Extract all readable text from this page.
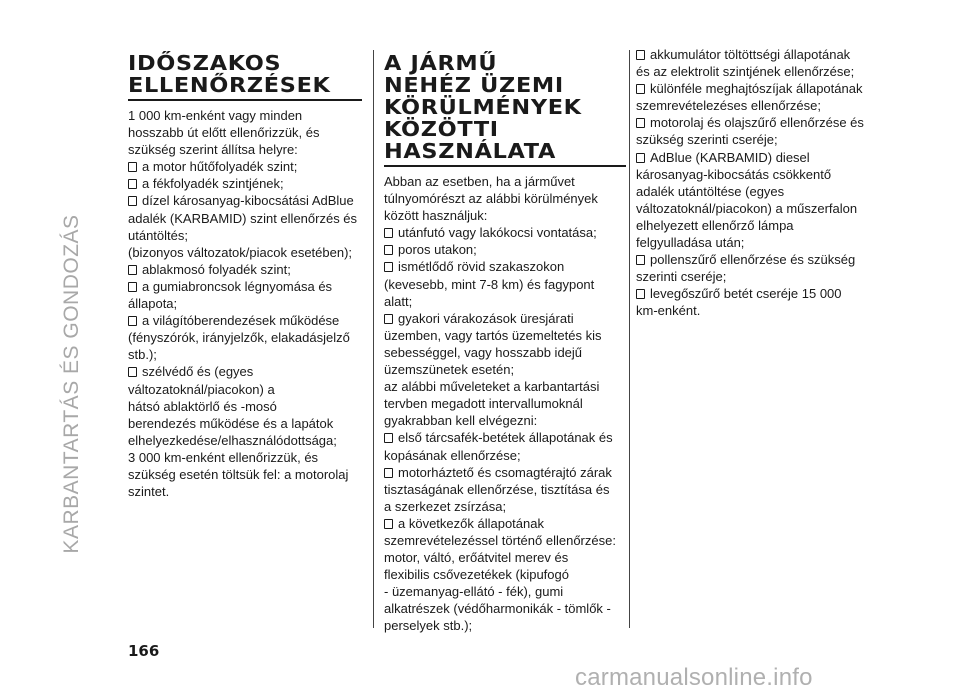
KARBANTARTÁS ÉS GONDOZÁS
IDŐSZAKOS
ELLENŐRZÉSEK
1 000 km-enként vagy minden
hosszabb út előtt ellenőrizzük, és
szükség szerint állítsa helyre:
a motor hűtőfolyadék szint;
a fékfolyadék szintjének;
dízel károsanyag-kibocsátási AdBlue
adalék (KARBAMID) szint ellenőrzés és
utántöltés;
(bizonyos változatok/piacok esetében);
ablakmosó folyadék szint;
a gumiabroncsok légnyomása és
állapota;
a világítóberendezések működése
(fényszórók, irányjelzők, elakadásjelző
stb.);
szélvédő és (egyes
változatoknál/piacokon) a
hátsó ablaktörlő és -mosó
berendezés működése és a lapátok
elhelyezkedése/elhasználódottsága;
3 000 km-enként ellenőrizzük, és
szükség esetén töltsük fel: a motorolaj
szintet.
A JÁRMŰ
NEHÉZ ÜZEMI
KÖRÜLMÉNYEK
KÖZÖTTI
HASZNÁLATA
Abban az esetben, ha a járművet
túlnyomórészt az alábbi körülmények
között használjuk:
utánfutó vagy lakókocsi vontatása;
poros utakon;
ismétlődő rövid szakaszokon
(kevesebb, mint 7-8 km) és fagypont
alatt;
gyakori várakozások üresjárati
üzemben, vagy tartós üzemeltetés kis
sebességgel, vagy hosszabb idejű
üzemszünetek esetén;
az alábbi műveleteket a karbantartási
tervben megadott intervallumoknál
gyakrabban kell elvégezni:
első tárcsafék-betétek állapotának és
kopásának ellenőrzése;
motorháztető és csomagtérajtó zárak
tisztaságának ellenőrzése, tisztítása és
a szerkezet zsírzása;
a következők állapotának
szemrevételezéssel történő ellenőrzése:
motor, váltó, erőátvitel merev és
flexibilis csővezetékek (kipufogó
- üzemanyag-ellátó - fék), gumi
alkatrészek (védőharmonikák - tömlők -
perselyek stb.);
akkumulátor töltöttségi állapotának
és az elektrolit szintjének ellenőrzése;
különféle meghajtószíjak állapotának
szemrevételezéses ellenőrzése;
motorolaj és olajszűrő ellenőrzése és
szükség szerinti cseréje;
AdBlue (KARBAMID) diesel
károsanyag-kibocsátás csökkentő
adalék utántöltése (egyes
változatoknál/piacokon) a műszerfalon
elhelyezett ellenőrző lámpa
felgyulladása után;
pollenszűrő ellenőrzése és szükség
szerinti cseréje;
levegőszűrő betét cseréje 15 000
km-enként.
166
carmanualsonline.info
